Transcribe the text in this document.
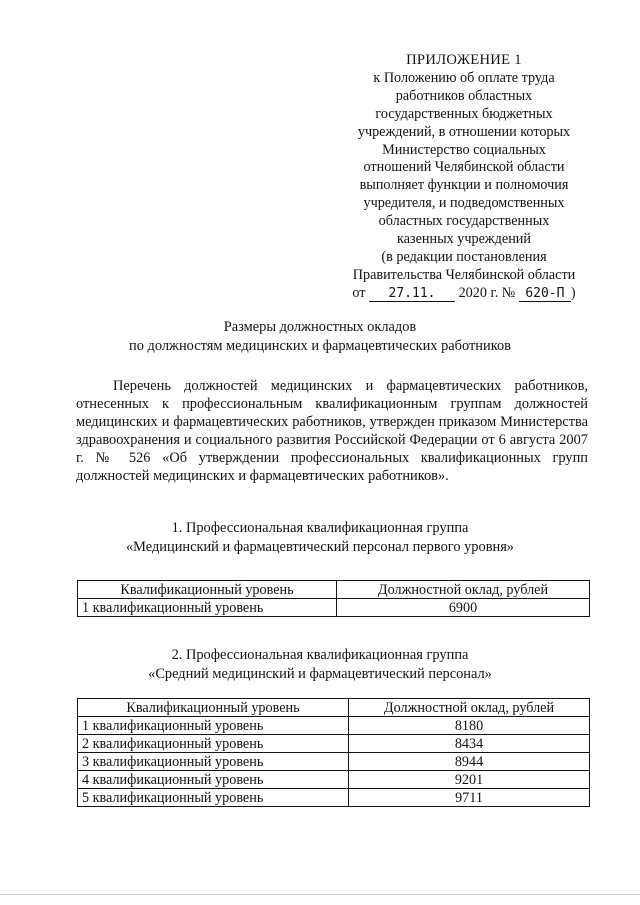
ПРИЛОЖЕНИЕ 1
к Положению об оплате труда
работников областных
государственных бюджетных
учреждений, в отношении которых
Министерство социальных
отношений Челябинской области
выполняет функции и полномочия
учредителя, и подведомственных
областных государственных
казенных учреждений
(в редакции постановления
Правительства Челябинской области
от 27.11. 2020 г. № 620-П )
Размеры должностных окладов
по должностям медицинских и фармацевтических работников

Перечень должностей медицинских и фармацевтических работников, отнесенных к профессиональным квалификационным группам должностей медицинских и фармацевтических работников, утвержден приказом Министерства здравоохранения и социального развития Российской Федерации от 6 августа 2007 г. № 526 «Об утверждении профессиональных квалификационных групп должностей медицинских и фармацевтических работников».

1. Профессиональная квалификационная группа
«Медицинский и фармацевтический персонал первого уровня»
Квалификационный уровень	Должностной оклад, рублей
1 квалификационный уровень	6900
2. Профессиональная квалификационная группа
«Средний медицинский и фармацевтический персонал»
Квалификационный уровень	Должностной оклад, рублей
1 квалификационный уровень	8180
2 квалификационный уровень	8434
3 квалификационный уровень	8944
4 квалификационный уровень	9201
5 квалификационный уровень	9711
